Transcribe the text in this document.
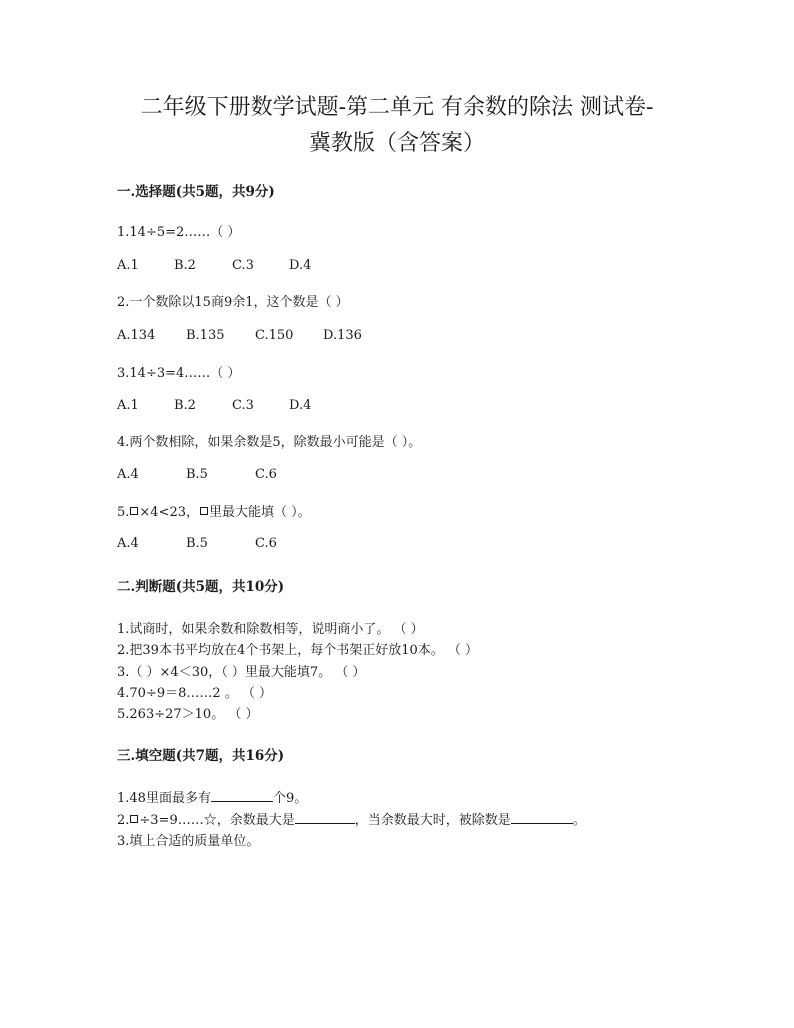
二年级下册数学试题-第二单元 有余数的除法 测试卷-
冀教版（含答案）
一.选择题(共5题，共9分)
1.14÷5=2……（ ）
A.1	B.2	C.3	D.4
2.一个数除以15商9余1，这个数是（ ）
A.134 B.135 C.150 D.136
3.14÷3=4……（ ）
A.1	B.2	C.3	D.4
4.两个数相除，如果余数是5，除数最小可能是（ ）。
A.4	B.5	C.6
5. ×4<23， 里最大能填（ ）。
A.4	B.5	C.6
二.判断题(共5题，共10分)
1.试商时，如果余数和除数相等，说明商小了。 （ ）
2.把39本书平均放在4个书架上，每个书架正好放10本。 （ ）
3.（ ）×4＜30，（ ）里最大能填7。 （ ）
4.70÷9＝8……2 。 （ ）
5.263÷27＞10。 （ ）
三.填空题(共7题，共16分)
1.48里面最多有	个9。
2. ÷3=9……☆，余数最大是	，当余数最大时，被除数是	。
3.填上合适的质量单位。
